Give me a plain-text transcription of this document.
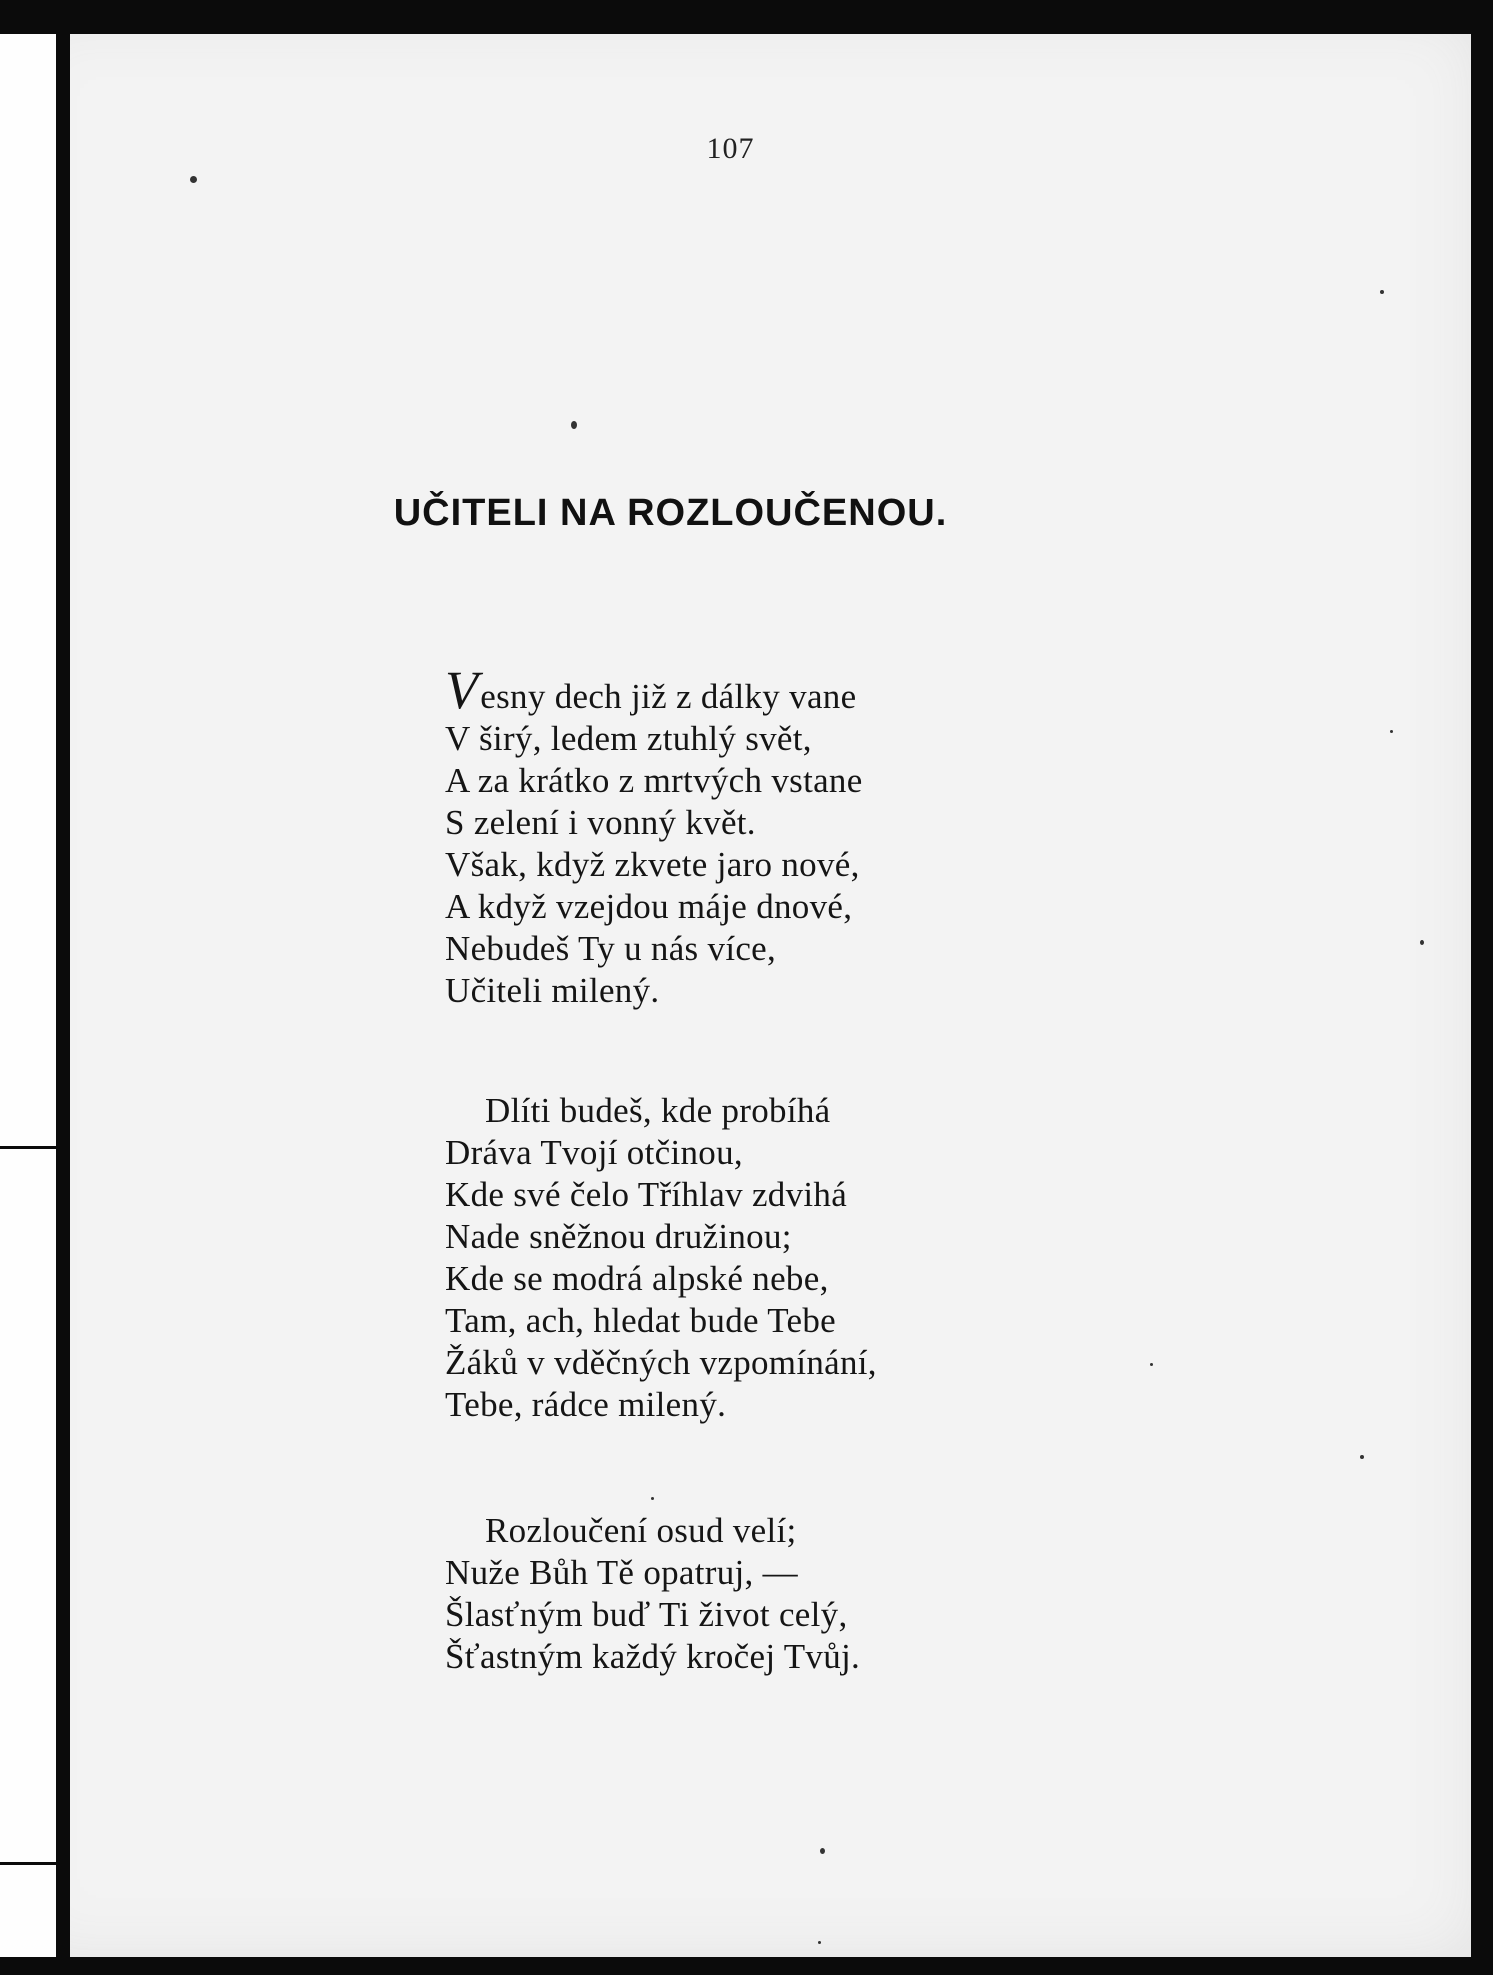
107
UČITELI NA ROZLOUČENOU.
Vesny dech již z dálky vane
V širý, ledem ztuhlý svět,
A za krátko z mrtvých vstane
S zelení i vonný květ.
Však, když zkvete jaro nové,
A když vzejdou máje dnové,
Nebudeš Ty u nás více,
Učiteli milený.
Dlíti budeš, kde probíhá
Dráva Tvojí otčinou,
Kde své čelo Tříhlav zdvihá
Nade sněžnou družinou;
Kde se modrá alpské nebe,
Tam, ach, hledat bude Tebe
Žáků v vděčných vzpomínání,
Tebe, rádce milený.
Rozloučení osud velí;
Nuže Bůh Tě opatruj, —
Šlasťným buď Ti život celý,
Šťastným každý kročej Tvůj.
